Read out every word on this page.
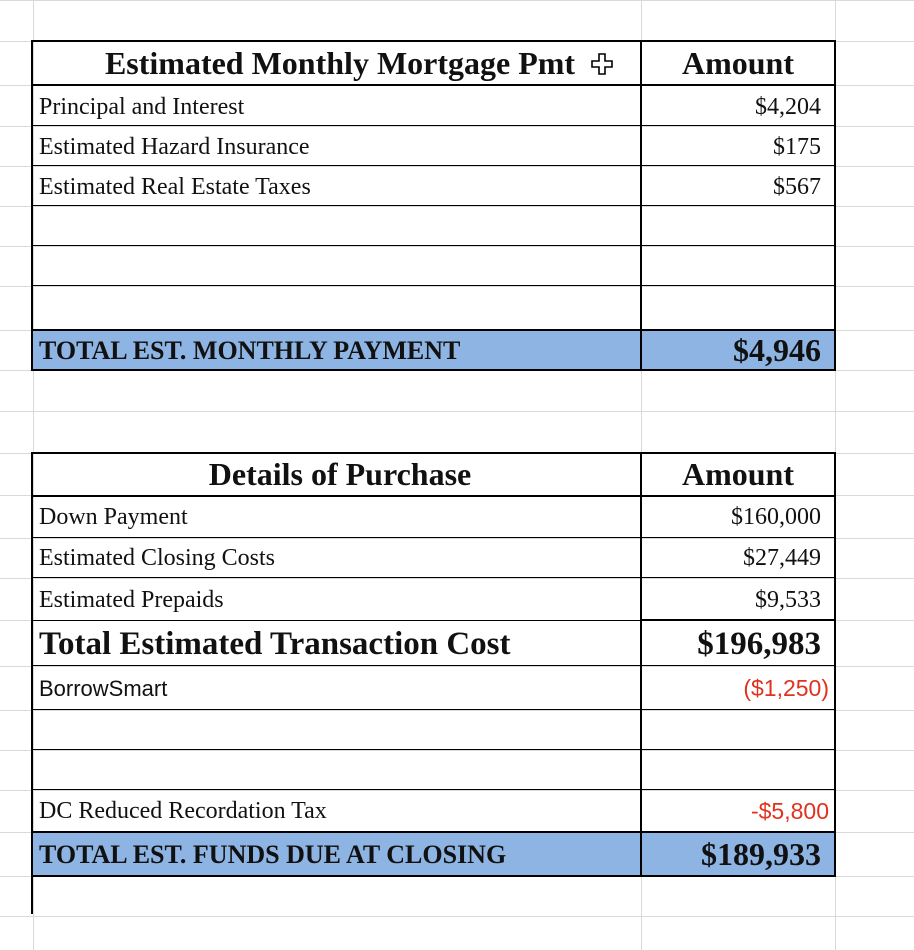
Estimated Monthly Mortgage Pmt	Amount
Principal and Interest	$4,204
Estimated Hazard Insurance	$175
Estimated Real Estate Taxes	$567
TOTAL EST. MONTHLY PAYMENT	$4,946
Details of Purchase	Amount
Down Payment	$160,000
Estimated Closing Costs	$27,449
Estimated Prepaids	$9,533
Total Estimated Transaction Cost	$196,983
BorrowSmart	($1,250)
DC Reduced Recordation Tax	-$5,800
TOTAL EST. FUNDS DUE AT CLOSING	$189,933
